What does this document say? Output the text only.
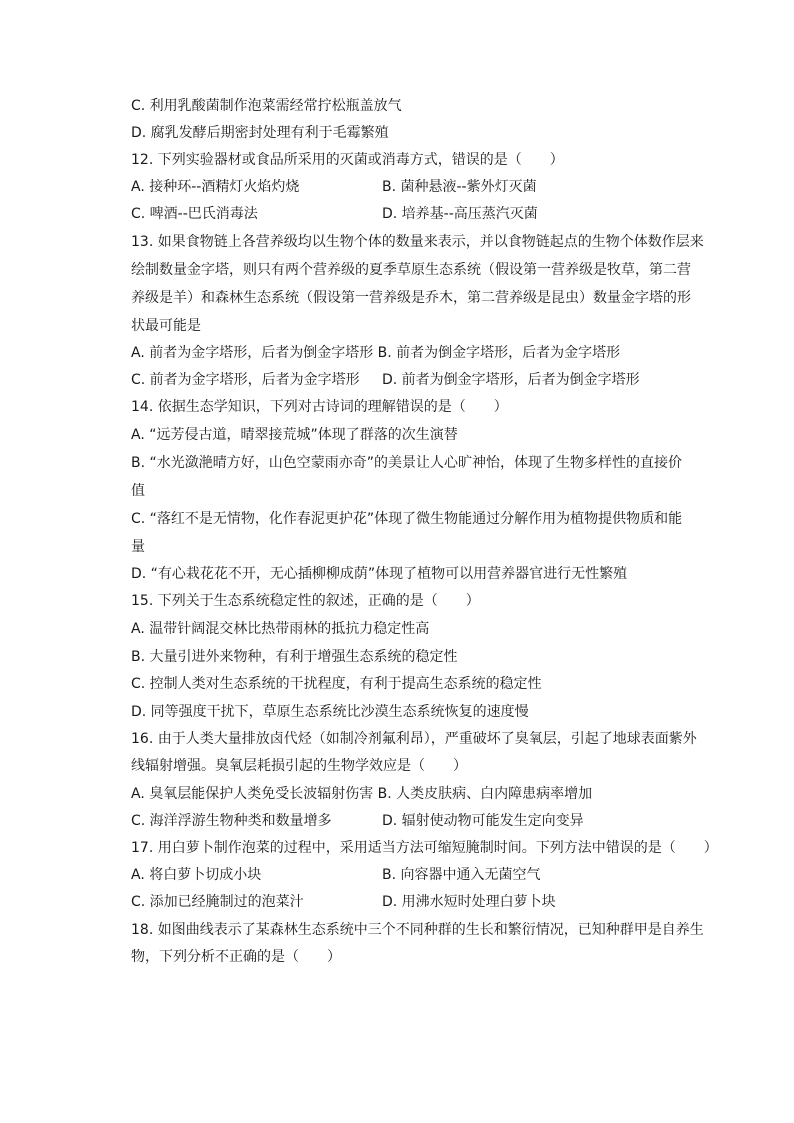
C. 利用乳酸菌制作泡菜需经常拧松瓶盖放气
D. 腐乳发酵后期密封处理有利于毛霉繁殖
12. 下列实验器材或食品所采用的灭菌或消毒方式，错误的是（　　）
A. 接种环--酒精灯火焰灼烧	B. 菌种悬液--紫外灯灭菌
C. 啤酒--巴氏消毒法	D. 培养基--高压蒸汽灭菌
13. 如果食物链上各营养级均以生物个体的数量来表示，并以食物链起点的生物个体数作层来
绘制数量金字塔，则只有两个营养级的夏季草原生态系统（假设第一营养级是牧草，第二营
养级是羊）和森林生态系统（假设第一营养级是乔木，第二营养级是昆虫）数量金字塔的形
状最可能是
A. 前者为金字塔形，后者为倒金字塔形 B. 前者为倒金字塔形，后者为金字塔形
C. 前者为金字塔形，后者为金字塔形 D. 前者为倒金字塔形，后者为倒金字塔形
14. 依据生态学知识，下列对古诗词的理解错误的是（　　）
A. “远芳侵古道，晴翠接荒城”体现了群落的次生演替
B. “水光潋滟晴方好，山色空蒙雨亦奇”的美景让人心旷神怡，体现了生物多样性的直接价
值
C. “落红不是无情物，化作春泥更护花”体现了微生物能通过分解作用为植物提供物质和能
量
D. “有心栽花花不开，无心插柳柳成荫”体现了植物可以用营养器官进行无性繁殖
15. 下列关于生态系统稳定性的叙述，正确的是（　　）
A. 温带针阔混交林比热带雨林的抵抗力稳定性高
B. 大量引进外来物种，有利于增强生态系统的稳定性
C. 控制人类对生态系统的干扰程度，有利于提高生态系统的稳定性
D. 同等强度干扰下，草原生态系统比沙漠生态系统恢复的速度慢
16. 由于人类大量排放卤代烃（如制冷剂氟利昂），严重破坏了臭氧层，引起了地球表面紫外
线辐射增强。臭氧层耗损引起的生物学效应是（　　）
A. 臭氧层能保护人类免受长波辐射伤害 B. 人类皮肤病、白内障患病率增加
C. 海洋浮游生物种类和数量增多	D. 辐射使动物可能发生定向变异
17. 用白萝卜制作泡菜的过程中，采用适当方法可缩短腌制时间。下列方法中错误的是（　　）
A. 将白萝卜切成小块	B. 向容器中通入无菌空气
C. 添加已经腌制过的泡菜汁	D. 用沸水短时处理白萝卜块
18. 如图曲线表示了某森林生态系统中三个不同种群的生长和繁衍情况，已知种群甲是自养生
物，下列分析不正确的是（　　）
